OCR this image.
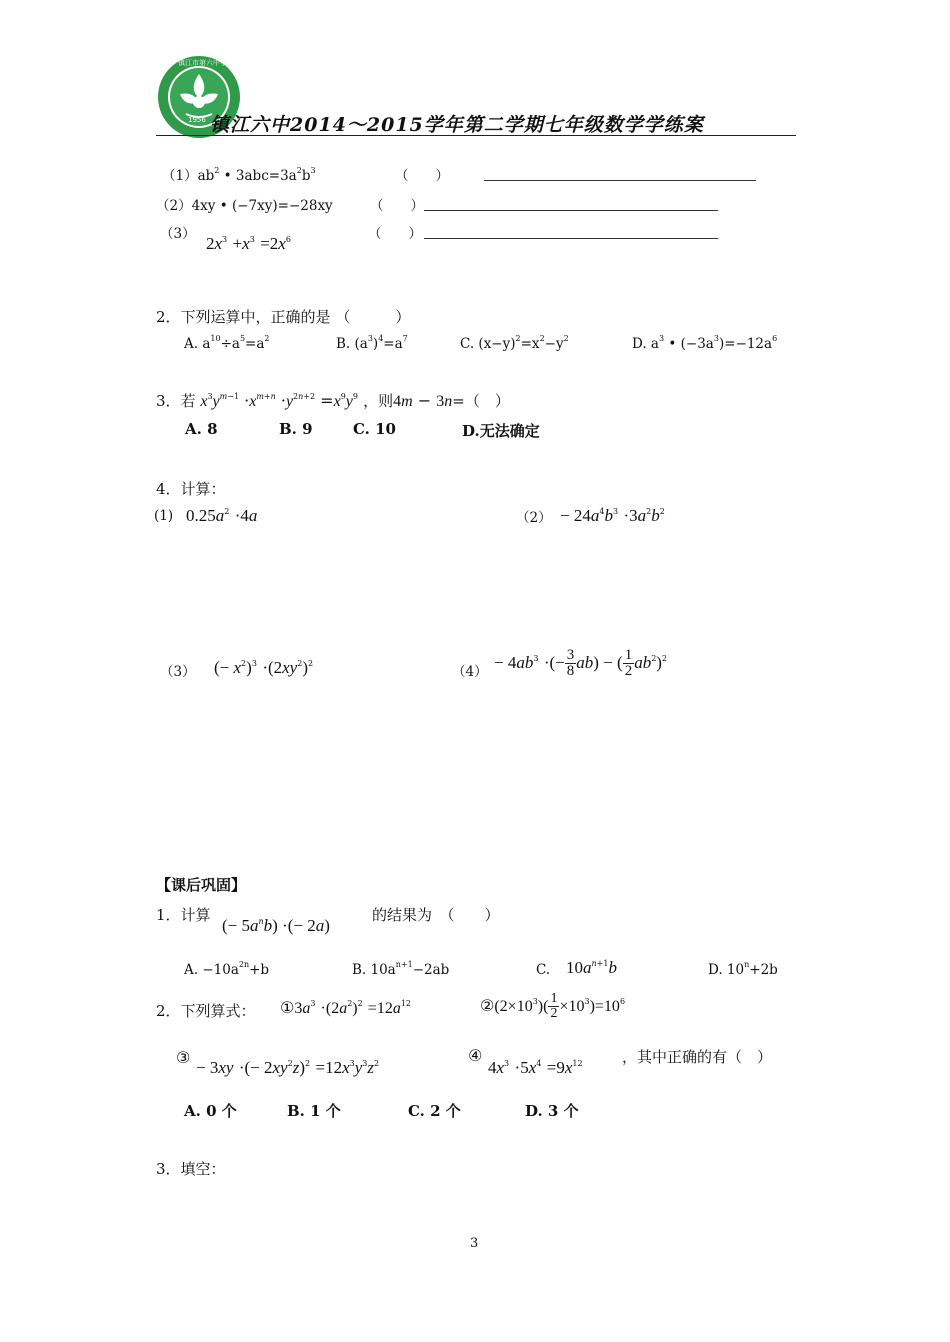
镇江市第六中学
1956 镇江六中2014～2015学年第二学期七年级数学学练案
$(1)ab^2$ • $3abc=3a^2b^3$	（　　）
（2）4xy • (−7xy)=−28xy	（　　）
（3） $2x^3 +x^3 =2x^6$	（　　）
2．下列运算中，正确的是 （　　　）
A. $a^{10}\div a^5=a^2$	B. $(a^3)^4=a^7$	C. $(x-y)^2=x^2-y^2$	D. $a^3$ • $(-3a^3)=-12a^6$
3．若 $x^3y^{m-1} \cdot x^{m+n} \cdot y^{2n+2} =x^9y^9$ ，则4m − 3n=（　）
A. 8	B. 9	C. 10	D.无法确定
4．计算：
(1) $0.25a^2 \cdot 4a$	$(2) - 24a^4b^3 \cdot 3a^2b^2$
（3） (− $x^2)^3 \cdot(2xy^2)^2$
$(4) - 4ab^3$ ·(− $\frac{3}{8} ab$) − ( $\frac{1}{2} ab^2)^2$
【课后巩固】
1．计算
(− $5a^nb$) ·(− 2a)
的结果为　（　　）
A. $-10a^{2n}+b$	B. $10a^{n+1}-2ab$	C. $10a^{n+1}b$	D. $10^n+2b$
2．下列算式： $①3a^3 \cdot(2a^2)^2 =12a^{12}$	$②(2\times 10^3)( \frac{1}{2} \times 10^3)=10^6$
③
− 3xy ·(− $2xy^2z)^2 =12x^3y^3z^2$	④
$4x^3 \cdot 5x^4 =9x^{12}$	，其中正确的有（　）
A. 0 个	B. 1 个	C. 2 个	D. 3 个
3．填空：
3
